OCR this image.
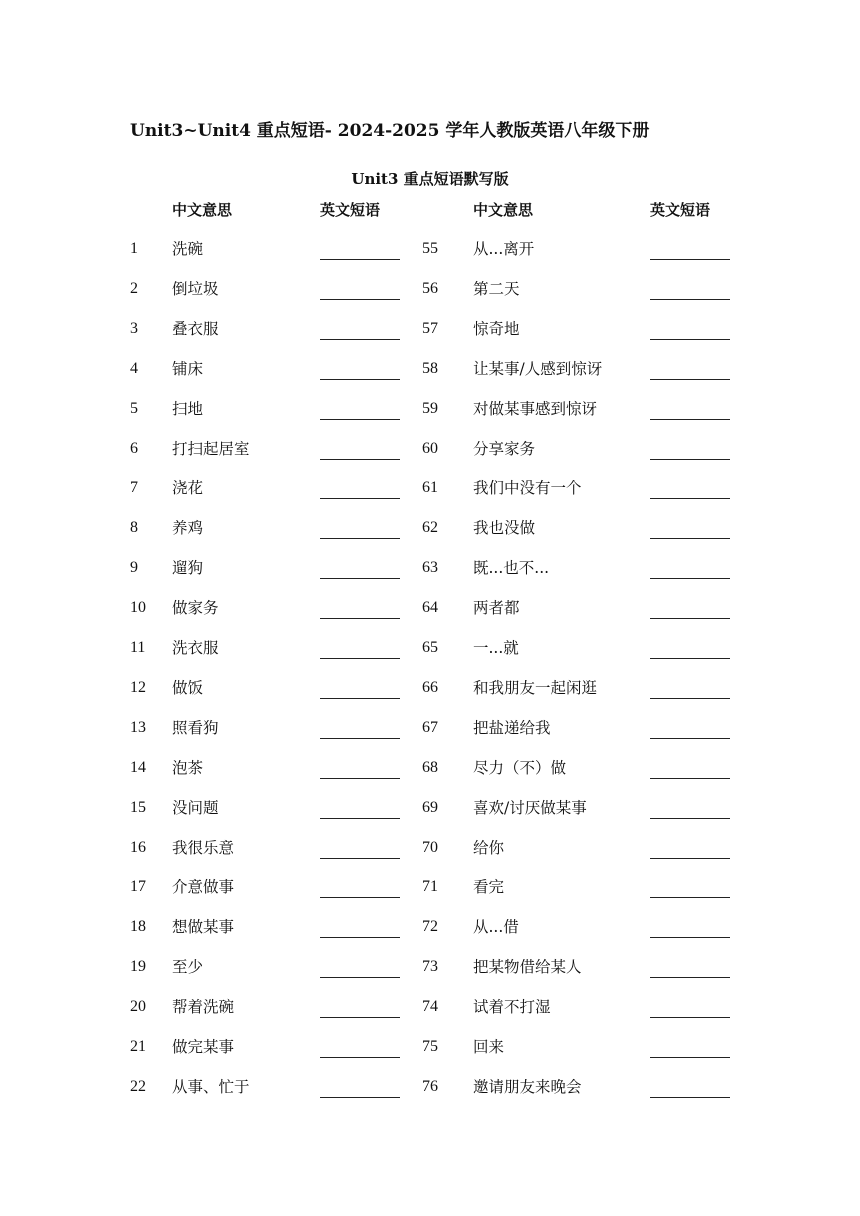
Unit3~Unit4 重点短语- 2024-2025 学年人教版英语八年级下册
Unit3 重点短语默写版
中文意思	英文短语	中文意思	英文短语
1 洗碗	55 从...离开
2 倒垃圾	56 第二天
3 叠衣服	57 惊奇地
4 铺床	58 让某事/人感到惊讶
5 扫地	59 对做某事感到惊讶
6 打扫起居室	60 分享家务
7 浇花	61 我们中没有一个
8 养鸡	62 我也没做
9 遛狗	63 既...也不...
10 做家务	64 两者都
11 洗衣服	65 一...就
12 做饭	66 和我朋友一起闲逛
13 照看狗	67 把盐递给我
14 泡茶	68 尽力（不）做
15 没问题	69 喜欢/讨厌做某事
16 我很乐意	70 给你
17 介意做事	71 看完
18 想做某事	72 从...借
19 至少	73 把某物借给某人
20 帮着洗碗	74 试着不打湿
21 做完某事	75 回来
22 从事、忙于	76 邀请朋友来晚会
